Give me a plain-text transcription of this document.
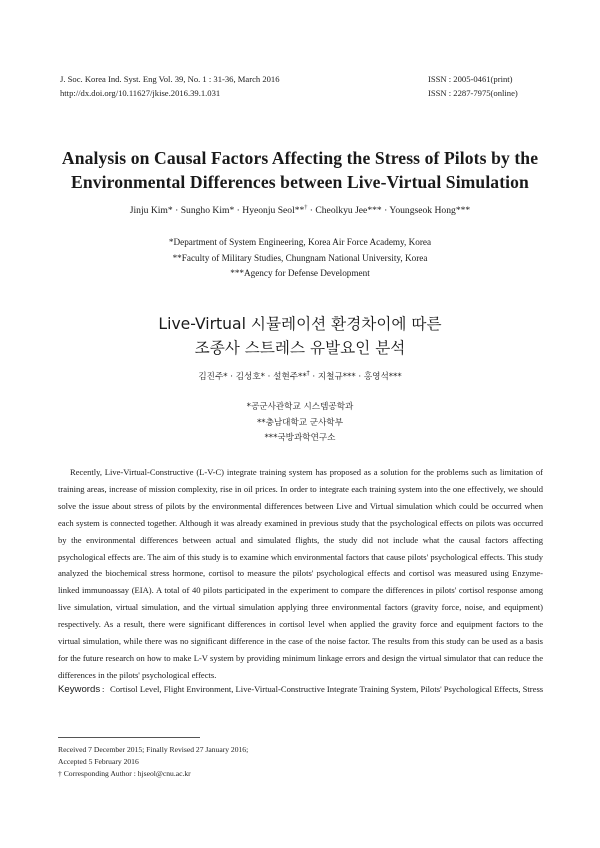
J. Soc. Korea Ind. Syst. Eng Vol. 39, No. 1 : 31-36, March 2016
http://dx.doi.org/10.11627/jkise.2016.39.1.031
ISSN : 2005-0461(print)
ISSN : 2287-7975(online)
Analysis on Causal Factors Affecting the Stress of Pilots by the
Environmental Differences between Live-Virtual Simulation
Jinju Kim* · Sungho Kim* · Hyeonju Seol**† · Cheolkyu Jee*** · Youngseok Hong***
*Department of System Engineering, Korea Air Force Academy, Korea
**Faculty of Military Studies, Chungnam National University, Korea
***Agency for Defense Development
Live-Virtual 시뮬레이션 환경차이에 따른
조종사 스트레스 유발요인 분석
김진주* · 김성호* · 설현주**† · 지철규*** · 홍영석***
*공군사관학교 시스템공학과
**충남대학교 군사학부
***국방과학연구소

Recently, Live-Virtual-Constructive (L-V-C) integrate training system has proposed as a solution for the problems such as limitation of training areas, increase of mission complexity, rise in oil prices. In order to integrate each training system into the one effectively, we should solve the issue about stress of pilots by the environmental differences between Live and Virtual simulation which could be occurred when each system is connected together. Although it was already examined in previous study that the psychological effects on pilots was occurred by the environmental differences between actual and simulated flights, the study did not include what the causal factors affecting psychological effects are. The aim of this study is to examine which environmental factors that cause pilots' psychological effects. This study analyzed the biochemical stress hormone, cortisol to measure the pilots' psychological effects and cortisol was measured using Enzyme-linked immunoassay (EIA). A total of 40 pilots participated in the experiment to compare the differences in pilots' cortisol response among live simulation, virtual simulation, and the virtual simulation applying three environmental factors (gravity force, noise, and equipment) respectively. As a result, there were significant differences in cortisol level when applied the gravity force and equipment factors to the virtual simulation, while there was no significant difference in the case of the noise factor. The results from this study can be used as a basis for the future research on how to make L-V system by providing minimum linkage errors and design the virtual simulator that can reduce the differences in the pilots' psychological effects.

Keywords : Cortisol Level, Flight Environment, Live-Virtual-Constructive Integrate Training System, Pilots' Psychological Effects, Stress
Received 7 December 2015; Finally Revised 27 January 2016;
Accepted 5 February 2016
† Corresponding Author : hjseol@cnu.ac.kr
